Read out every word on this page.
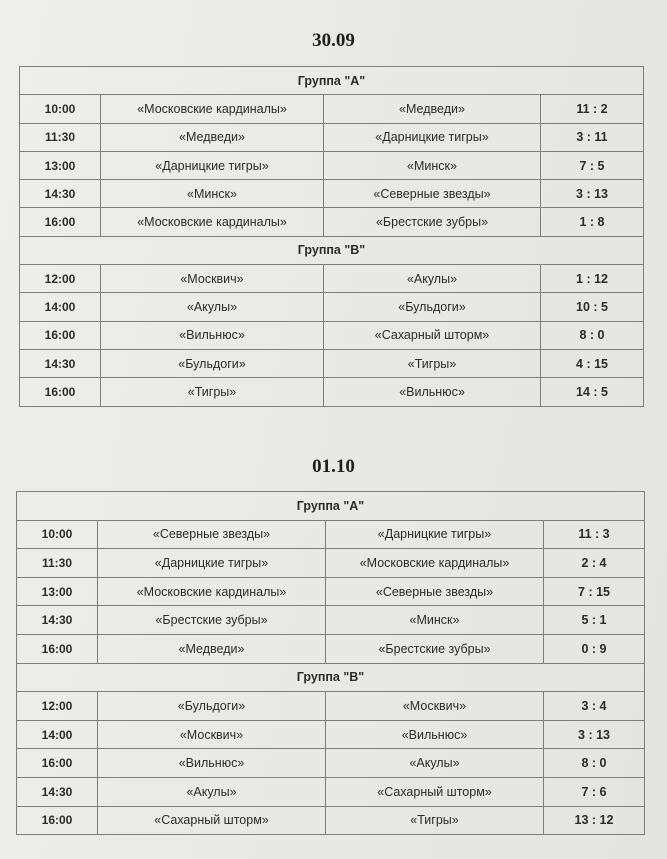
30.09
Группа "А"			
10:00	«Московские кардиналы»	«Медведи»	11 : 2
11:30	«Медведи»	«Дарницкие тигры»	3 : 11
13:00	«Дарницкие тигры»	«Минск»	7 : 5
14:30	«Минск»	«Северные звезды»	3 : 13
16:00	«Московские кардиналы»	«Брестские зубры»	1 : 8
Группа "В"			
12:00	«Москвич»	«Акулы»	1 : 12
14:00	«Акулы»	«Бульдоги»	10 : 5
16:00	«Вильнюс»	«Сахарный шторм»	8 : 0
14:30	«Бульдоги»	«Тигры»	4 : 15
16:00	«Тигры»	«Вильнюс»	14 : 5
01.10
Группа "А"			
10:00	«Северные звезды»	«Дарницкие тигры»	11 : 3
11:30	«Дарницкие тигры»	«Московские кардиналы»	2 : 4
13:00	«Московские кардиналы»	«Северные звезды»	7 : 15
14:30	«Брестские зубры»	«Минск»	5 : 1
16:00	«Медведи»	«Брестские зубры»	0 : 9
Группа "В"			
12:00	«Бульдоги»	«Москвич»	3 : 4
14:00	«Москвич»	«Вильнюс»	3 : 13
16:00	«Вильнюс»	«Акулы»	8 : 0
14:30	«Акулы»	«Сахарный шторм»	7 : 6
16:00	«Сахарный шторм»	«Тигры»	13 : 12
